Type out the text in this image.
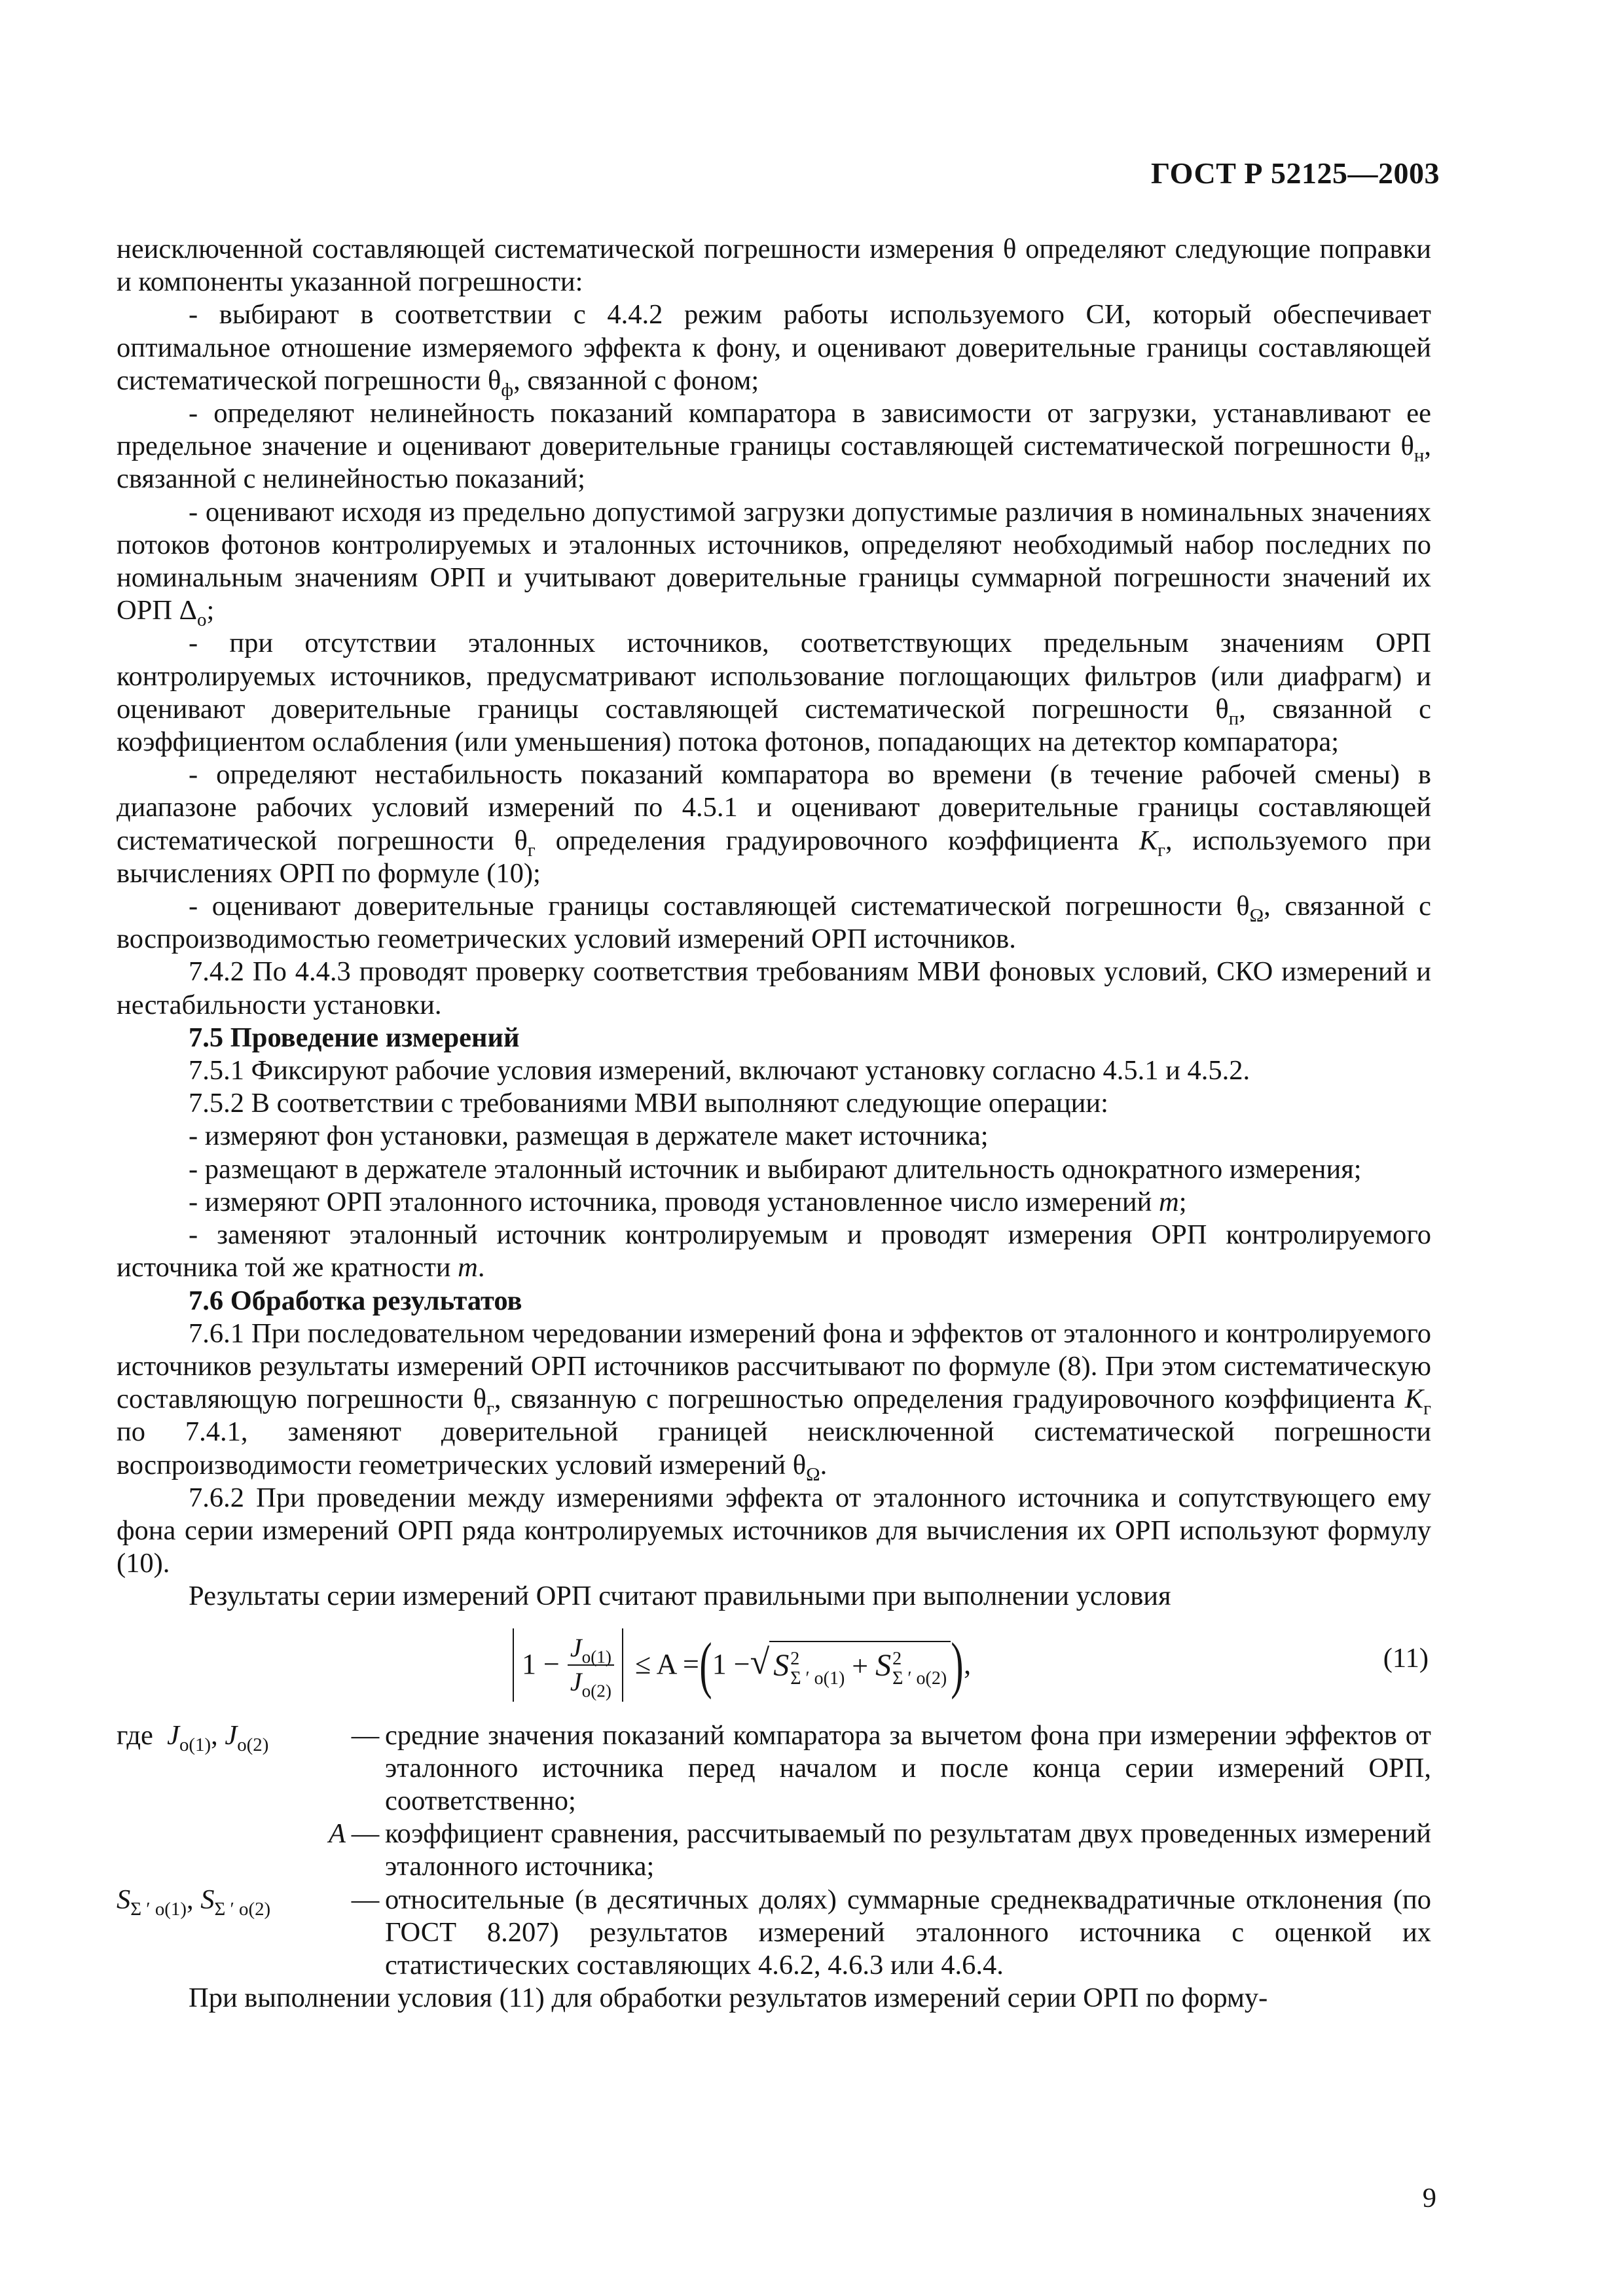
ГОСТ Р 52125—2003

неисключенной составляющей систематической погрешности измерения θ определяют следующие поправки и компоненты указанной погрешности:

- выбирают в соответствии с 4.4.2 режим работы используемого СИ, который обеспечивает оптимальное отношение измеряемого эффекта к фону, и оценивают доверительные границы составляющей систематической погрешности $\theta_ф$, связанной с фоном;

- определяют нелинейность показаний компаратора в зависимости от загрузки, устанавливают ее предельное значение и оценивают доверительные границы составляющей систематической погрешности $\theta_н$, связанной с нелинейностью показаний;

- оценивают исходя из предельно допустимой загрузки допустимые различия в номинальных значениях потоков фотонов контролируемых и эталонных источников, определяют необходимый набор последних по номинальным значениям ОРП и учитывают доверительные границы суммарной погрешности значений их ОРП $\Delta_о$;

- при отсутствии эталонных источников, соответствующих предельным значениям ОРП контролируемых источников, предусматривают использование поглощающих фильтров (или диафрагм) и оценивают доверительные границы составляющей систематической погрешности $\theta_п$, связанной с коэффициентом ослабления (или уменьшения) потока фотонов, попадающих на детектор компаратора;

- определяют нестабильность показаний компаратора во времени (в течение рабочей смены) в диапазоне рабочих условий измерений по 4.5.1 и оценивают доверительные границы составляющей систематической погрешности $\theta_г$ определения градуировочного коэффициента $K_г$, используемого при вычислениях ОРП по формуле (10);

- оценивают доверительные границы составляющей систематической погрешности $\theta_\Omega$, связанной с воспроизводимостью геометрических условий измерений ОРП источников.

7.4.2 По 4.4.3 проводят проверку соответствия требованиям МВИ фоновых условий, СКО измерений и нестабильности установки.

7.5 Проведение измерений

7.5.1 Фиксируют рабочие условия измерений, включают установку согласно 4.5.1 и 4.5.2.

7.5.2 В соответствии с требованиями МВИ выполняют следующие операции:

- измеряют фон установки, размещая в держателе макет источника;

- размещают в держателе эталонный источник и выбирают длительность однократного измерения;

- измеряют ОРП эталонного источника, проводя установленное число измерений m;

- заменяют эталонный источник контролируемым и проводят измерения ОРП контролируемого источника той же кратности m.

7.6 Обработка результатов

7.6.1 При последовательном чередовании измерений фона и эффектов от эталонного и контролируемого источников результаты измерений ОРП источников рассчитывают по формуле (8). При этом систематическую составляющую погрешности $\theta_г$, связанную с погрешностью определения градуировочного коэффициента $K_г$ по 7.4.1, заменяют доверительной границей неисключенной систематической погрешности воспроизводимости геометрических условий измерений $\theta_\Omega$.

7.6.2 При проведении между измерениями эффекта от эталонного источника и сопутствующего ему фона серии измерений ОРП ряда контролируемых источников для вычисления их ОРП используют формулу (10).

Результаты серии измерений ОРП считают правильными при выполнении условия

$1 - \frac{J_{о(1)}}{J_{о(2)}} \le A$ = ( 1 − √ S 2
Σ ′ о(1) + S 2
Σ ′ о(2) ) ,	(11)
где $J_{о(1)}$, $J_{о(2)}$	— средние значения показаний компаратора за вычетом фона при измерении эффектов от эталонного источника перед началом и после конца серии измерений ОРП, соответственно;
A — коэффициент сравнения, рассчитываемый по результатам двух проведенных измерений эталонного источника;
$S_{\Sigma ' о(1)}$, $S_{\Sigma ' о(2)}$	— относительные (в десятичных долях) суммарные среднеквадратичные отклонения (по ГОСТ 8.207) результатов измерений эталонного источника с оценкой их статистических составляющих 4.6.2, 4.6.3 или 4.6.4.

При выполнении условия (11) для обработки результатов измерений серии ОРП по форму-

9
